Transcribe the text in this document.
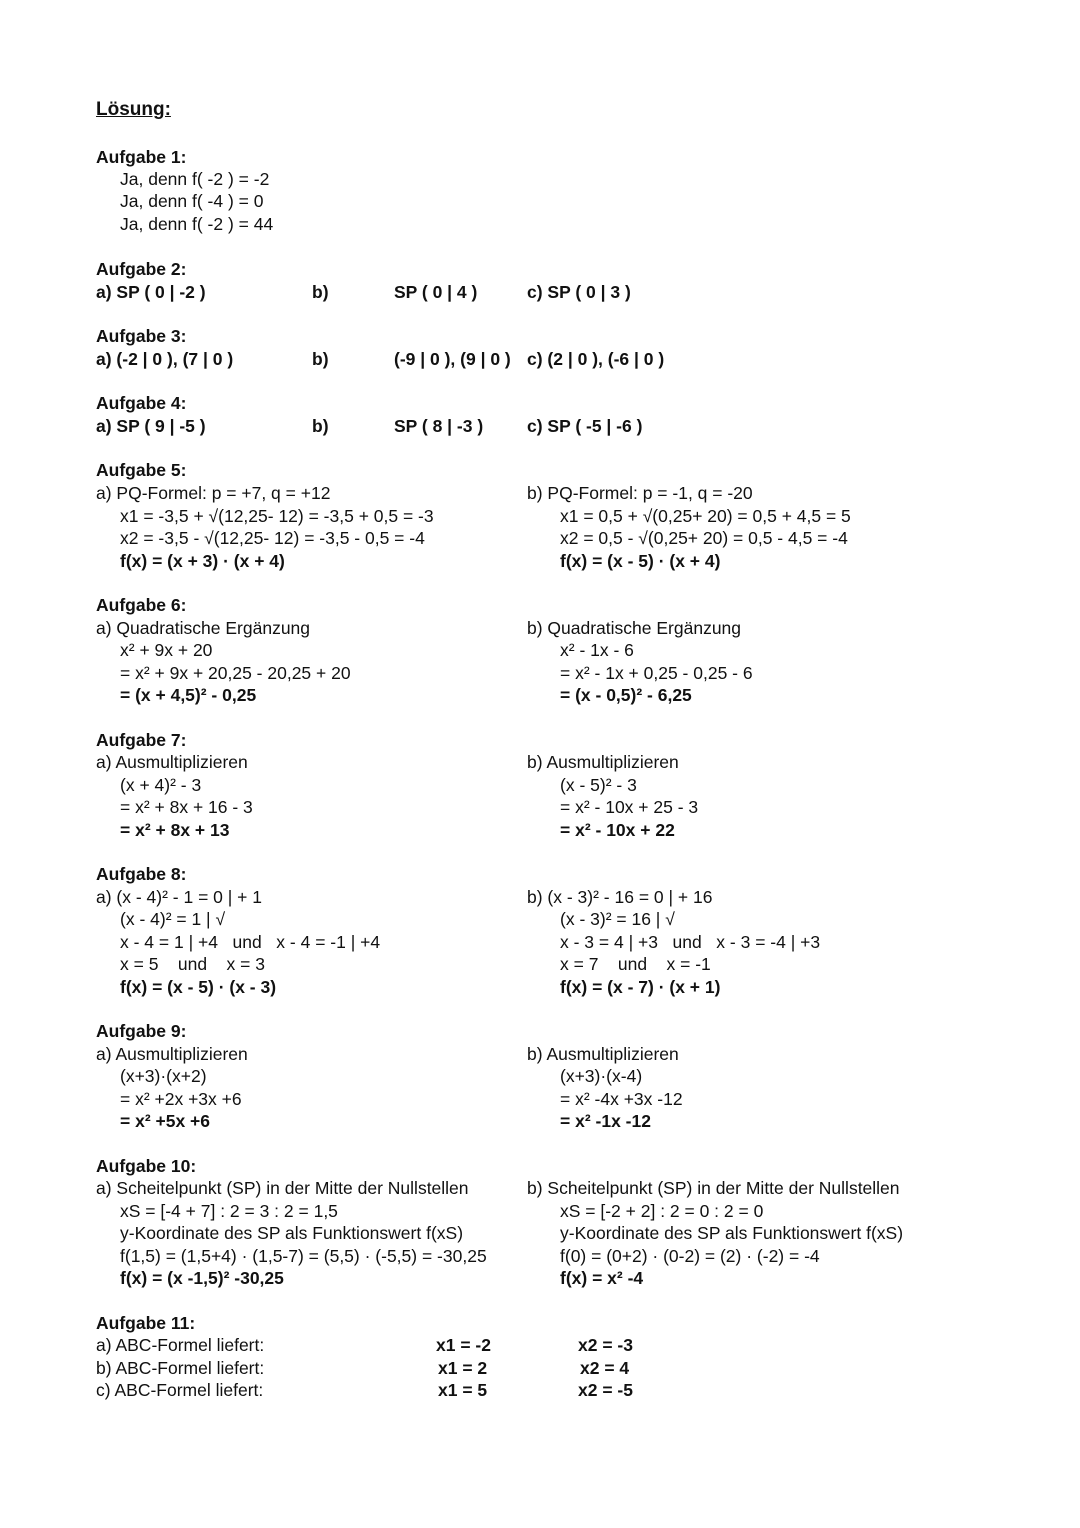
Lösung:
Aufgabe 1:
Ja, denn f( -2 ) = -2
Ja, denn f( -4 ) = 0
Ja, denn f( -2 ) = 44
Aufgabe 2:
a) SP ( 0 | -2 )	b)	SP ( 0 | 4 )	c) SP ( 0 | 3 )
Aufgabe 3:
a) (-2 | 0 ), (7 | 0 )	b)	(-9 | 0 ), (9 | 0 ) c) (2 | 0 ), (-6 | 0 )
Aufgabe 4:
a) SP ( 9 | -5 )	b)	SP ( 8 | -3 )	c) SP ( -5 | -6 )
Aufgabe 5:
a) PQ-Formel: p = +7, q = +12
x1 = -3,5 + √(12,25- 12) = -3,5 + 0,5 = -3
x2 = -3,5 - √(12,25- 12) = -3,5 - 0,5 = -4
f(x) = (x + 3) · (x + 4)
b) PQ-Formel: p = -1, q = -20
x1 = 0,5 + √(0,25+ 20) = 0,5 + 4,5 = 5
x2 = 0,5 - √(0,25+ 20) = 0,5 - 4,5 = -4
f(x) = (x - 5) · (x + 4)
Aufgabe 6:
a) Quadratische Ergänzung
x² + 9x + 20
= x² + 9x + 20,25 - 20,25 + 20
= (x + 4,5)² - 0,25
b) Quadratische Ergänzung
x² - 1x - 6
= x² - 1x + 0,25 - 0,25 - 6
= (x - 0,5)² - 6,25
Aufgabe 7:
a) Ausmultiplizieren
(x + 4)² - 3
= x² + 8x + 16 - 3
= x² + 8x + 13
b) Ausmultiplizieren
(x - 5)² - 3
= x² - 10x + 25 - 3
= x² - 10x + 22
Aufgabe 8:
a) (x - 4)² - 1 = 0 | + 1
(x - 4)² = 1 | √
x - 4 = 1 | +4   und   x - 4 = -1 | +4
x = 5    und    x = 3
f(x) = (x - 5) · (x - 3)
b) (x - 3)² - 16 = 0 | + 16
(x - 3)² = 16 | √
x - 3 = 4 | +3   und   x - 3 = -4 | +3
x = 7    und    x = -1
f(x) = (x - 7) · (x + 1)
Aufgabe 9:
a) Ausmultiplizieren
(x+3)·(x+2)
= x² +2x +3x +6
= x² +5x +6
b) Ausmultiplizieren
(x+3)·(x-4)
= x² -4x +3x -12
= x² -1x -12
Aufgabe 10:
a) Scheitelpunkt (SP) in der Mitte der Nullstellen
xS = [-4 + 7] : 2 = 3 : 2 = 1,5
y-Koordinate des SP als Funktionswert f(xS)
f(1,5) = (1,5+4) · (1,5-7) = (5,5) · (-5,5) = -30,25
f(x) = (x -1,5)² -30,25
b) Scheitelpunkt (SP) in der Mitte der Nullstellen
xS = [-2 + 2] : 2 = 0 : 2 = 0
y-Koordinate des SP als Funktionswert f(xS)
f(0) = (0+2) · (0-2) = (2) · (-2) = -4
f(x) = x² -4
Aufgabe 11:
a) ABC-Formel liefert:	x1 = -2	x2 = -3
b) ABC-Formel liefert:	x1 = 2	x2 = 4
c) ABC-Formel liefert:	x1 = 5	x2 = -5
